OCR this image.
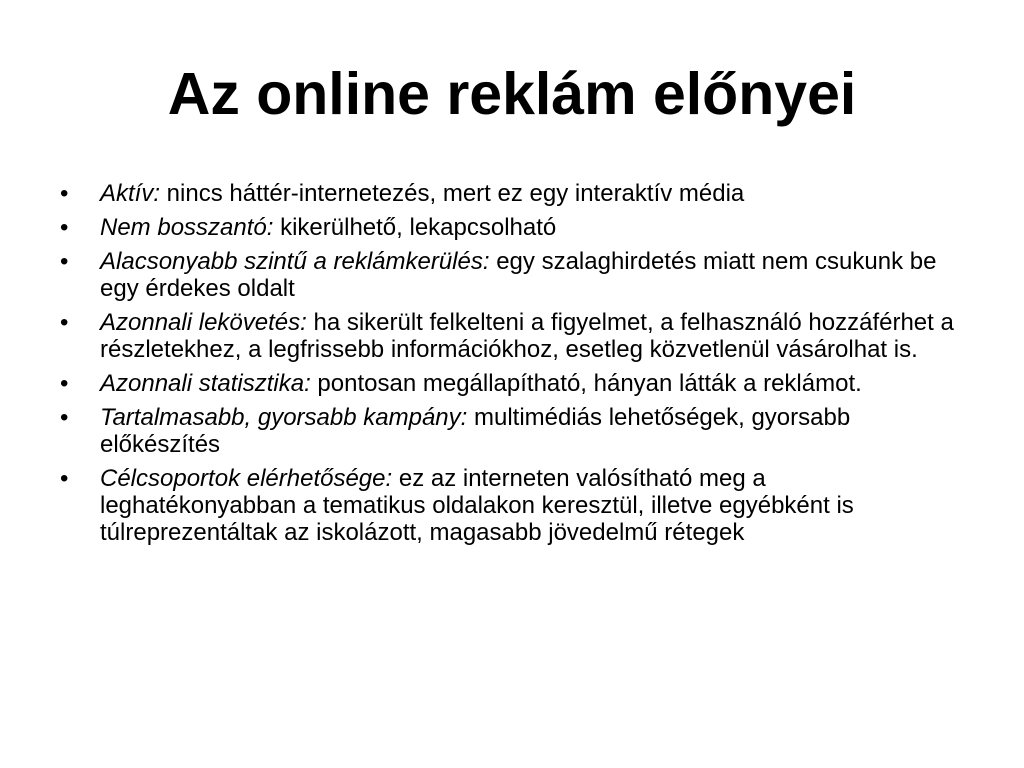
Az online reklám előnyei
•	Aktív: nincs háttér-internetezés, mert ez egy interaktív média
•	Nem bosszantó: kikerülhető, lekapcsolható
•	Alacsonyabb szintű a reklámkerülés: egy szalaghirdetés miatt nem csukunk be egy érdekes oldalt
•	Azonnali lekövetés: ha sikerült felkelteni a figyelmet, a felhasználó hozzáférhet a részletekhez, a legfrissebb információkhoz, esetleg közvetlenül vásárolhat is.
•	Azonnali statisztika: pontosan megállapítható, hányan látták a reklámot.
•	Tartalmasabb, gyorsabb kampány: multimédiás lehetőségek, gyorsabb előkészítés
•	Célcsoportok elérhetősége: ez az interneten valósítható meg a leghatékonyabban a tematikus oldalakon keresztül, illetve egyébként is túlreprezentáltak az iskolázott, magasabb jövedelmű rétegek
